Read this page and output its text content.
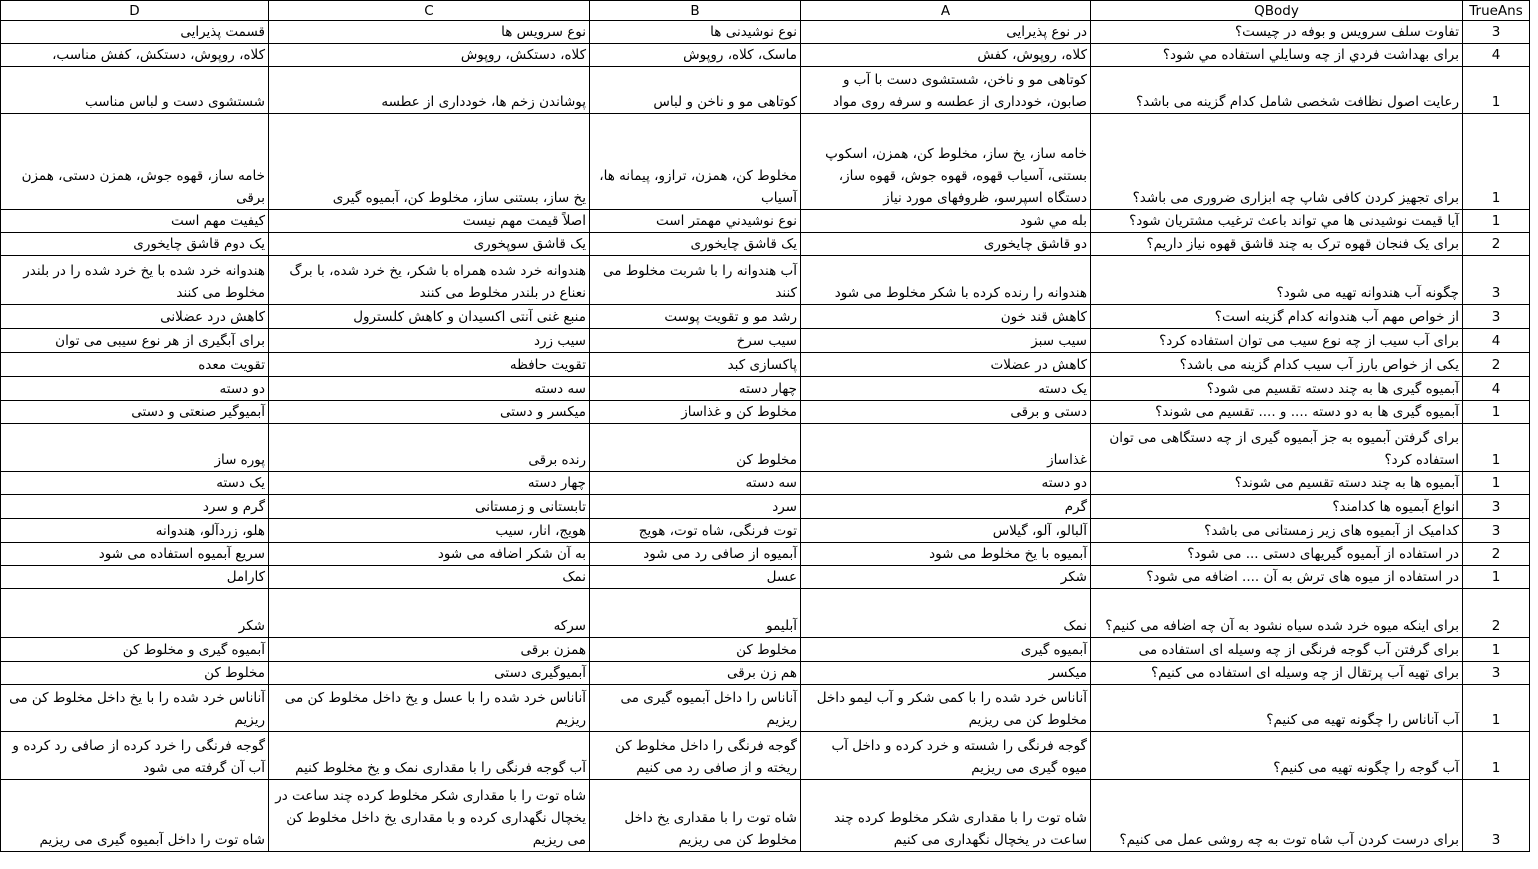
D	C	B	A	QBody	TrueAns
قسمت پذیرایی	نوع سرویس ها	نوع نوشیدنی ها	در نوع پذیرایی	تفاوت سلف سرویس و بوفه در چیست؟	3
کلاه، روپوش، دستکش، کفش مناسب،	کلاه، دستکش، روپوش	ماسک، کلاه، روپوش	کلاه، روپوش، کفش	برای بهداشت فردي از چه وسايلي استفاده مي شود؟	4
شستشوی دست و لباس مناسب	پوشاندن زخم ها، خودداری از عطسه	کوتاهی مو و ناخن و لباس	کوتاهی مو و ناخن، شستشوی دست با آب و صابون، خودداری از عطسه و سرفه روی مواد	رعایت اصول نظافت شخصی شامل کدام گزینه می باشد؟	1
خامه ساز، قهوه جوش، همزن دستی، همزن برقی	یخ ساز، بستنی ساز، مخلوط کن، آبمیوه گیری	مخلوط کن، همزن، ترازو، پیمانه ها، آسیاب	خامه ساز، یخ ساز، مخلوط کن، همزن، اسکوپ بستنی، آسیاب قهوه، قهوه جوش، قهوه ساز، دستگاه اسپرسو، ظروفهای مورد نیاز	برای تجهیز کردن کافی شاپ چه ابزاری ضروری می باشد؟	1
کیفیت مهم است	اصلاً قیمت مهم نیست	نوع نوشیدني مهمتر است	بله مي شود	آیا قیمت نوشیدنی ها مي تواند باعث ترغیب مشتریان شود؟	1
یک دوم قاشق چایخوری	یک قاشق سوپخوری	یک قاشق چایخوری	دو قاشق چایخوری	برای یک فنجان قهوه ترک به چند قاشق قهوه نیاز داریم؟	2
هندوانه خرد شده با یخ خرد شده را در بلندر مخلوط می کنند	هندوانه خرد شده همراه با شکر، یخ خرد شده، با برگ نعناع در بلندر مخلوط می کنند	آب هندوانه را با شربت مخلوط می کنند	هندوانه را رنده کرده با شکر مخلوط می شود	چگونه آب هندوانه تهیه می شود؟	3
کاهش درد عضلانی	منبع غنی آنتی اکسیدان و کاهش کلسترول	رشد مو و تقویت پوست	کاهش قند خون	از خواص مهم آب هندوانه کدام گزینه است؟	3
برای آبگیری از هر نوع سیبی می توان	سیب زرد	سیب سرخ	سیب سبز	برای آب سیب از چه نوع سیب می توان استفاده کرد؟	4
تقویت معده	تقویت حافظه	پاکسازی کبد	کاهش در عضلات	یکی از خواص بارز آب سیب کدام گزینه می باشد؟	2
دو دسته	سه دسته	چهار دسته	یک دسته	آبمیوه گیری ها به چند دسته تقسیم می شود؟	4
آبمیوگیر صنعتی و دستی	میکسر و دستی	مخلوط کن و غذاساز	دستی و برقی	آبمیوه گیری ها به دو دسته .... و .... تقسیم می شوند؟	1
پوره ساز	رنده برقی	مخلوط کن	غذاساز	برای گرفتن آبمیوه به جز آبمیوه گیری از چه دستگاهی می توان استفاده کرد؟	1
یک دسته	چهار دسته	سه دسته	دو دسته	آبمیوه ها به چند دسته تقسیم می شوند؟	1
گرم و سرد	تابستانی و زمستانی	سرد	گرم	انواع آبمیوه ها کدامند؟	3
هلو، زردآلو، هندوانه	هویج، انار، سیب	توت فرنگی، شاه توت، هویج	آلبالو، آلو، گیلاس	کدامیک از آبمیوه های زیر زمستانی می باشد؟	3
سریع آبمیوه استفاده می شود	به آن شکر اضافه می شود	آبمیوه از صافی رد می شود	آبمیوه با یخ مخلوط می شود	در استفاده از آبمیوه گیریهای دستی ... می شود؟	2
کارامل	نمک	عسل	شکر	در استفاده از میوه های ترش به آن .... اضافه می شود؟	1
شکر	سرکه	آبلیمو	نمک	برای اینکه میوه خرد شده سیاه نشود به آن چه اضافه می کنیم؟	2
آبمیوه گیری و مخلوط کن	همزن برقی	مخلوط کن	آبمیوه گیری	برای گرفتن آب گوجه فرنگی از چه وسیله ای استفاده می	1
مخلوط کن	آبمیوگیری دستی	هم زن برقی	میکسر	برای تهیه آب پرتقال از چه وسیله ای استفاده می کنیم؟	3
آناناس خرد شده را با یخ داخل مخلوط کن می ریزیم	آناناس خرد شده را با عسل و یخ داخل مخلوط کن می ریزیم	آناناس را داخل آبمیوه گیری می ریزیم	آناناس خرد شده را با کمی شکر و آب لیمو داخل مخلوط کن می ریزیم	آب آناناس را چگونه تهیه می کنیم؟	1
گوجه فرنگی را خرد کرده از صافی رد کرده و آب آن گرفته می شود	آب گوجه فرنگی را با مقداری نمک و یخ مخلوط کنیم	گوجه فرنگی را داخل مخلوط کن ریخته و از صافی رد می کنیم	گوجه فرنگی را شسته و خرد کرده و داخل آب میوه گیری می ریزیم	آب گوجه را چگونه تهیه می کنیم؟	1
شاه توت را داخل آبمیوه گیری می ریزیم	شاه توت را با مقداری شکر مخلوط کرده چند ساعت در یخچال نگهداری کرده و با مقداری یخ داخل مخلوط کن می ریزیم	شاه توت را با مقداری یخ داخل مخلوط کن می ریزیم	شاه توت را با مقداری شکر مخلوط کرده چند ساعت در یخچال نگهداری می کنیم	برای درست کردن آب شاه توت به چه روشی عمل می کنیم؟	3
